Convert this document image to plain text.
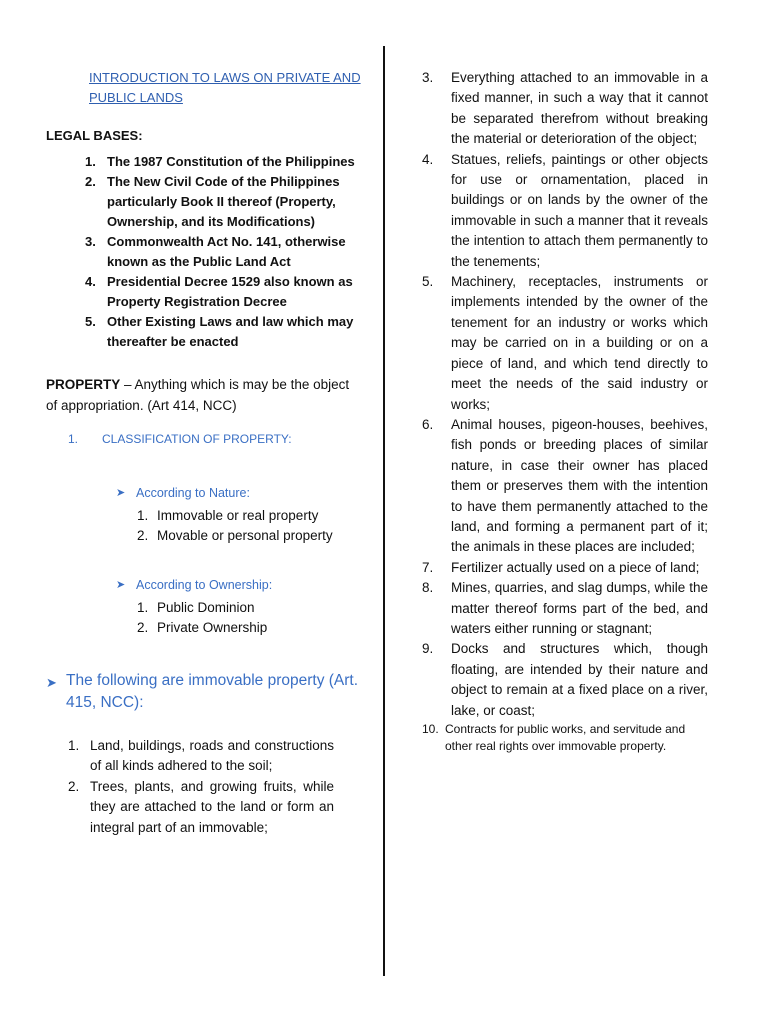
INTRODUCTION TO LAWS ON PRIVATE AND PUBLIC LANDS
LEGAL BASES:
1. The 1987 Constitution of the Philippines
2. The New Civil Code of the Philippines particularly Book II thereof (Property, Ownership, and its Modifications)
3. Commonwealth Act No. 141, otherwise known as the Public Land Act
4. Presidential Decree 1529 also known as Property Registration Decree
5. Other Existing Laws and law which may thereafter be enacted
PROPERTY – Anything which is may be the object of appropriation. (Art 414, NCC)
1.	CLASSIFICATION OF PROPERTY:
➤ According to Nature:
1. Immovable or real property
2. Movable or personal property
➤ According to Ownership:
1. Public Dominion
2. Private Ownership
➤ The following are immovable property (Art. 415, NCC):
1. Land, buildings, roads and constructions of all kinds adhered to the soil;
2. Trees, plants, and growing fruits, while they are attached to the land or form an integral part of an immovable;
3.	Everything attached to an immovable in a fixed manner, in such a way that it cannot be separated therefrom without breaking the material or deterioration of the object;
4.	Statues, reliefs, paintings or other objects for use or ornamentation, placed in buildings or on lands by the owner of the immovable in such a manner that it reveals the intention to attach them permanently to the tenements;
5.	Machinery, receptacles, instruments or implements intended by the owner of the tenement for an industry or works which may be carried on in a building or on a piece of land, and which tend directly to meet the needs of the said industry or works;
6.	Animal houses, pigeon-houses, beehives, fish ponds or breeding places of similar nature, in case their owner has placed them or preserves them with the intention to have them permanently attached to the land, and forming a permanent part of it; the animals in these places are included;
7.	Fertilizer actually used on a piece of land;
8.	Mines, quarries, and slag dumps, while the matter thereof forms part of the bed, and waters either running or stagnant;
9.	Docks and structures which, though floating, are intended by their nature and object to remain at a fixed place on a river, lake, or coast;
10. Contracts for public works, and servitude and other real rights over immovable property.
